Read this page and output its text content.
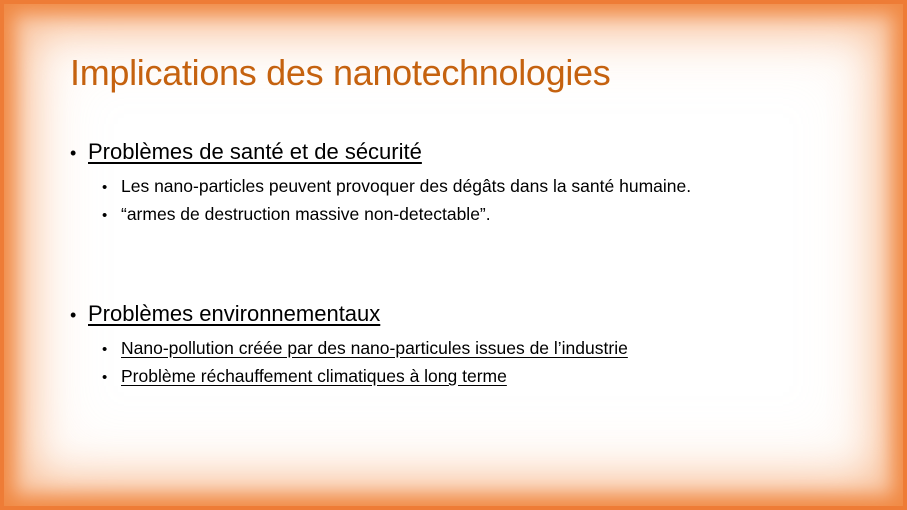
Implications des nanotechnologies
• Problèmes de santé et de sécurité
• Les nano-particles peuvent provoquer des dégâts dans la santé humaine.
• “armes de destruction massive non-detectable”.
• Problèmes environnementaux
• Nano-pollution créée par des nano-particules issues de l’industrie
• Problème réchauffement climatiques à long terme
